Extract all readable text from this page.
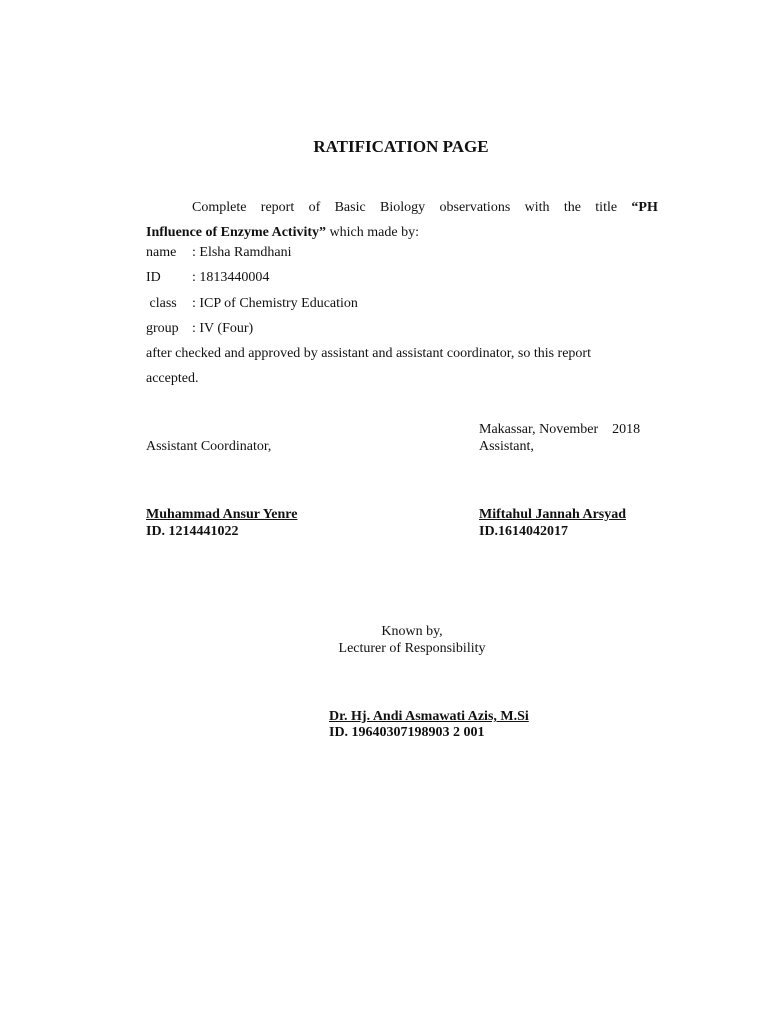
RATIFICATION PAGE
Complete report of Basic Biology observations with the title “PH
Influence of Enzyme Activity” which made by:
name : Elsha Ramdhani
ID : 1813440004
class : ICP of Chemistry Education
group : IV (Four)
after checked and approved by assistant and assistant coordinator, so this report
accepted.
Makassar, November    2018
Assistant Coordinator,	Assistant,
Muhammad Ansur Yenre
ID. 1214441022
Miftahul Jannah Arsyad
ID.1614042017
Known by,
Lecturer of Responsibility
Dr. Hj. Andi Asmawati Azis, M.Si
ID. 19640307198903 2 001
